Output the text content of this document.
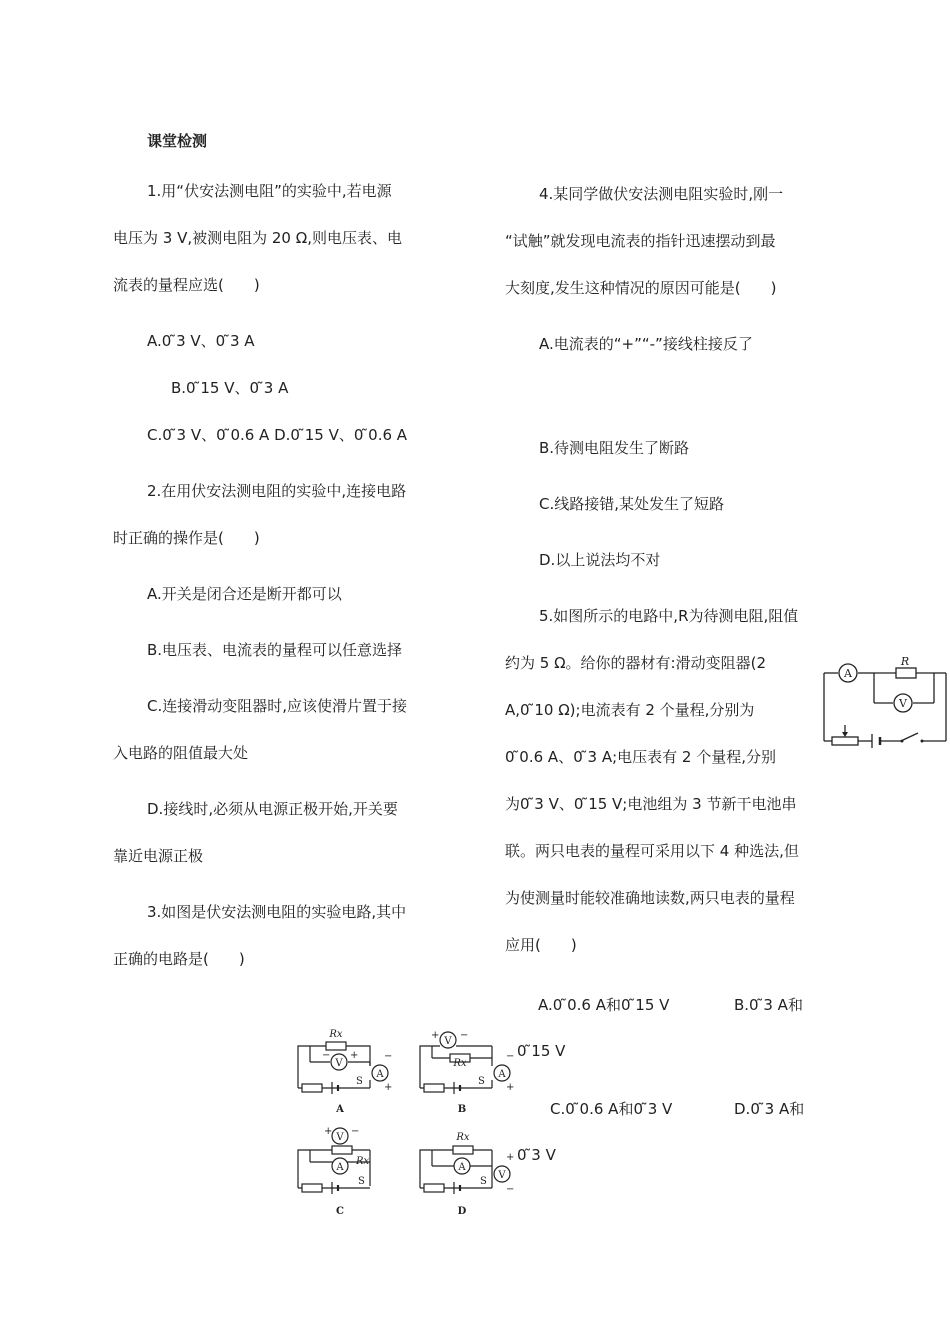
课堂检测
1.用“伏安法测电阻”的实验中,若电源
电压为 3 V,被测电阻为 20 Ω,则电压表、电
流表的量程应选(　　)
A.0 ̃3 V、0 ̃3 A
B.0 ̃15 V、0 ̃3 A
C.0 ̃3 V、0 ̃0.6 A D.0 ̃15 V、0 ̃0.6 A
2.在用伏安法测电阻的实验中,连接电路
时正确的操作是(　　)
A.开关是闭合还是断开都可以
B.电压表、电流表的量程可以任意选择
C.连接滑动变阻器时,应该使滑片置于接
入电路的阻值最大处
D.接线时,必须从电源正极开始,开关要
靠近电源正极
3.如图是伏安法测电阻的实验电路,其中
正确的电路是(　　)
4.某同学做伏安法测电阻实验时,刚一
“试触”就发现电流表的指针迅速摆动到最
大刻度,发生这种情况的原因可能是(　　)
A.电流表的“+”“-”接线柱接反了
B.待测电阻发生了断路
C.线路接错,某处发生了短路
D.以上说法均不对
5.如图所示的电路中,R为待测电阻,阻值
约为 5 Ω。给你的器材有:滑动变阻器(2
A,0 ̃10 Ω);电流表有 2 个量程,分别为
0 ̃0.6 A、0 ̃3 A;电压表有 2 个量程,分别
为0 ̃3 V、0 ̃15 V;电池组为 3 节新干电池串
联。两只电表的量程可采用以下 4 种选法,但
为使测量时能较准确地读数,两只电表的量程
应用(　　)
A.0 ̃0.6 A和0 ̃15 V	B.0 ̃3 A和
0 ̃15 V
C.0 ̃0.6 A和0 ̃3 V	D.0 ̃3 A和
0 ̃3 V
A
R
V
Rx
V
− +
A
−
+
S
A
V
+ −
Rx
A
−
+
S
B
V
+ −
Rx
A
S
C
Rx
A
V
+
−
S
D
